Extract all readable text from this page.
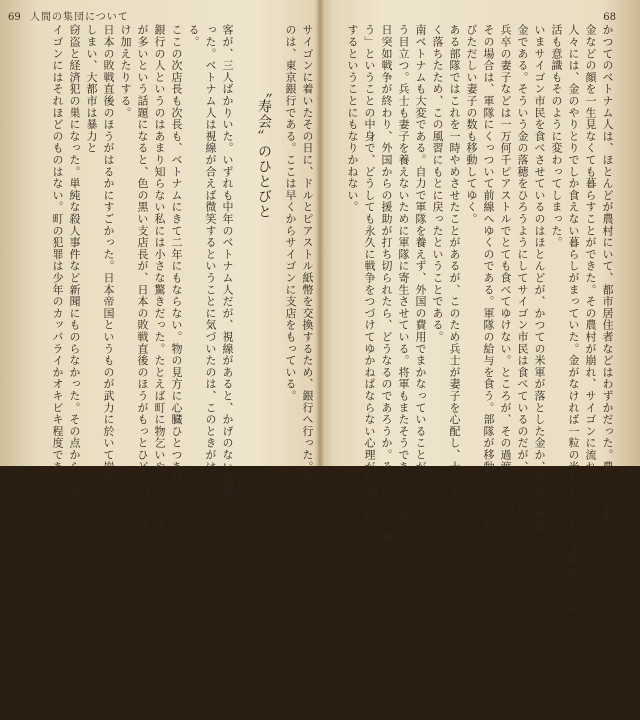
69 人間の集団について
サイゴンに着いたその日に、ドルとピアストル紙幣を交換するため、銀行へ行った。銀行という
のは、東京銀行である。ここは早くからサイゴンに支店をもっている。
〝寿会〟のひとびと
客が、三人ばかりいた。いずれも中年のベトナム人だが、視線があると、かげのない笑顔にな
った。ベトナム人は視線が合えば微笑するということに気づいたのは、このときがはじめてであ
る。
ここの次店長も次長も、ベトナムにきて二年にもならない。物の見方に心臓ひとつあり、
銀行の人というのはあまり知らない私には小さな驚きだった。たとえば町に物乞いやカッパライ
が多いという話題になると、色の黒い支店長が、日本の敗戦直後のほうがもっとひどかったと付
け加えたりする。
日本の敗戦直後のほうがはるかにすごかった。日本帝国というものが武力に於いて崩壊して
しまい、大都市は暴力と
窃盗と経済犯の巣になった。単純な殺人事件など新聞にものらなかった。その点からみると、サ
イゴンにはそれほどのものはない。町の犯罪は少年のカッパライかオキビキ程度であ
68
かつてのベトナム人は、ほとんどが農村にいて、都市居住者などはわずかだった。農村では現
金などの顔を一生見なくても暮らすことができた。その農村が崩れ、サイゴンに流れこんできた
人々には、金のやりとりでしか食えない暮らしがまっていた。金がなければ一粒の米も買えない。米軍介入以来、南ベトナム人の生
活も意識もそのように変わってしまった。
いまサイゴン市民を食べさせているのはほとんどが、かつての米軍が落とした金か、米国の援助
金である。そういう金の落穂をひろうようにしてサイゴン市民は食べているのだが、たとえば一
兵卒の妻子などは一万何千ピアストルでとても食べてゆけない。ところが、その過渡的な
その場合は、軍隊にくっついて前線へゆくのである。軍隊の給与を食う。部隊が移動すると、お
びただしい妻子の数も移動してゆく。
ある部隊ではこれを一時やめさせたことがあるが、このため兵士が妻子を心配し、士気がひど
く落ちたため、この風習にもとに戻ったということである。
南ベトナムも大変である。自力で軍隊を養えず、外国の費用でまかなっていることがいっそ
う目立つ。兵士も妻子を養えないために軍隊に寄生させている。将軍もまたそうである。ある
日突如戦争が終わり、外国からの援助が打ち切られたら、どうなるのであろうか。それがこの「戦
う」ということの中身で、どうしても永久に戦争をつづけてゆかねばならない心理が何層か存在
するということにもなりかねない。
